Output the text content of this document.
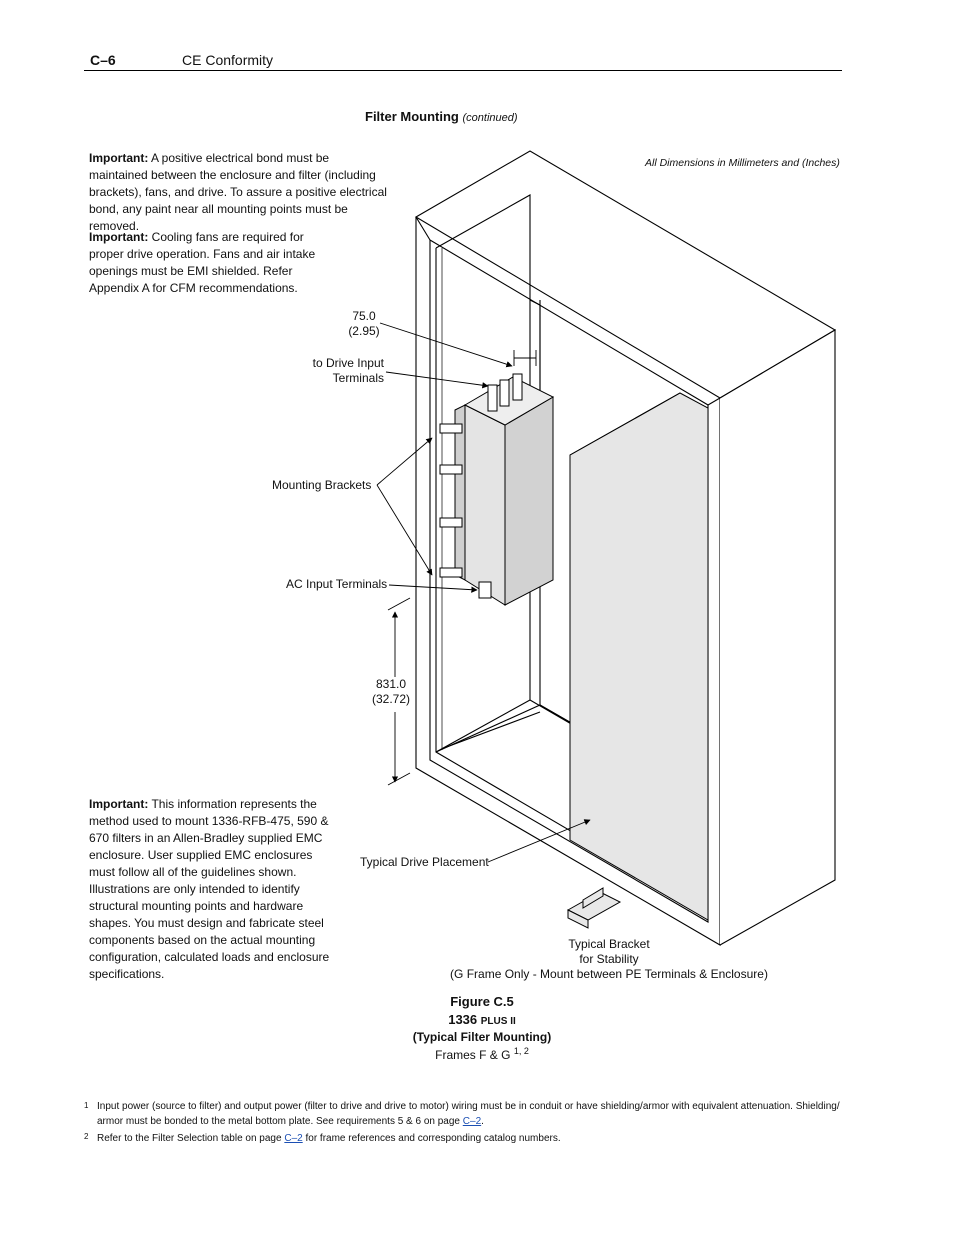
C–6	CE Conformity
Filter Mounting (continued)
Important: A positive electrical bond must be maintained between the enclosure and filter (including brackets), fans, and drive. To assure a positive electrical bond, any paint near all mounting points must be removed.
Important: Cooling fans are required for proper drive operation. Fans and air intake openings must be EMI shielded. Refer Appendix A for CFM recommendations.
Important: This information represents the method used to mount 1336-RFB-475, 590 & 670 filters in an Allen-Bradley supplied EMC enclosure. User supplied EMC enclosures must follow all of the guidelines shown. Illustrations are only intended to identify structural mounting points and hardware shapes. You must design and fabricate steel components based on the actual mounting configuration, calculated loads and enclosure specifications.
All Dimensions in Millimeters and (Inches)
75.0
(2.95)
to Drive Input
Terminals
Mounting Brackets
AC Input Terminals
831.0
(32.72)
Typical Drive Placement
Typical Bracket
for Stability
(G Frame Only - Mount between PE Terminals & Enclosure)
Figure C.5
1336 PLUS II
(Typical Filter Mounting)
Frames F & G $^{1, 2}$
$^1$ Input power (source to filter) and output power (filter to drive and drive to motor) wiring must be in conduit or have shielding/armor with equivalent attenuation. Shielding/
armor must be bonded to the metal bottom plate. See requirements 5 & 6 on page C–2.
$^2$ Refer to the Filter Selection table on page C–2 for frame references and corresponding catalog numbers.
